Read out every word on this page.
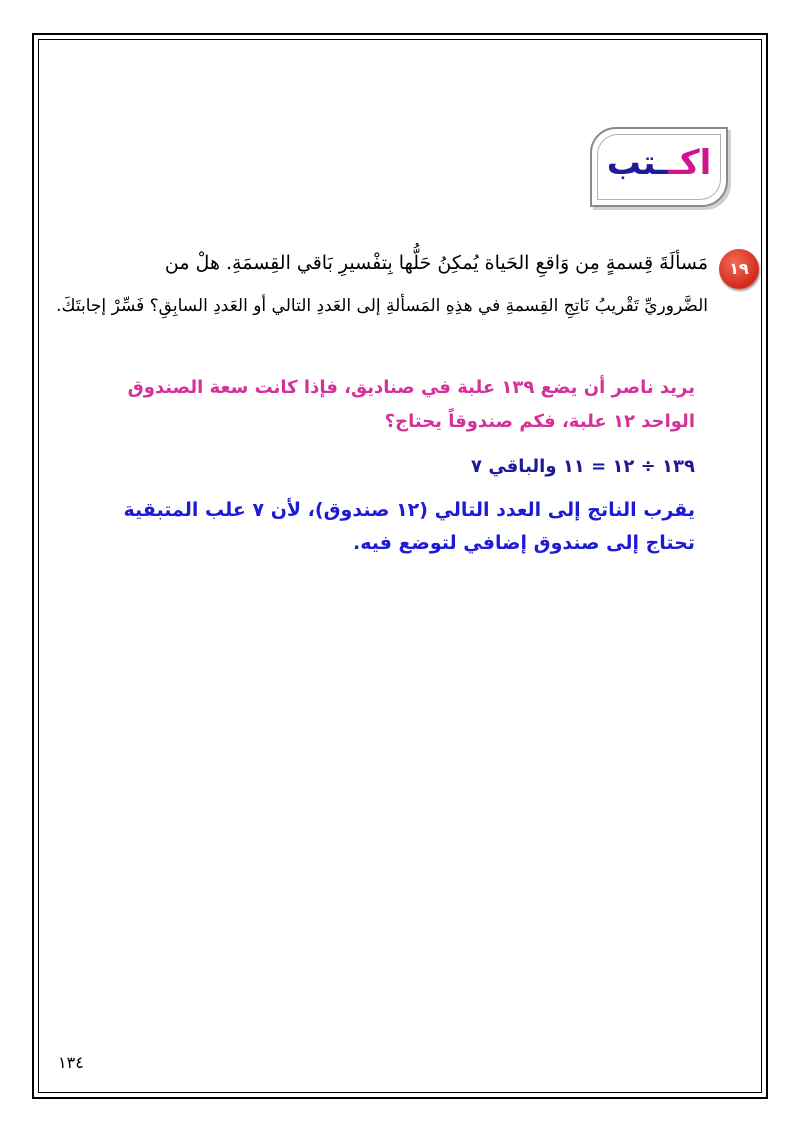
اكــتب
١٩
مَسألَةَ قِسمةٍ مِن وَاقعِ الحَياة يُمكِنُ حَلُّها بِتفْسيرِ بَاقي القِسمَةِ. هلْ من
الضَّروريِّ تَقْريبُ نَاتِجِ القِسمةِ في هذِهِ المَسألةِ إلى العَددِ التالي أو العَددِ السابِقِ؟ فَسِّرْ إجابتَكَ.
يريد ناصر أن يضع ١٣٩ علبة في صناديق، فإذا كانت سعة الصندوق الواحد ١٢ علبة، فكم صندوقاً يحتاج؟
١٣٩ ÷ ١٢ = ١١ والباقي ٧
يقرب الناتج إلى العدد التالي (١٢ صندوق)، لأن ٧ علب المتبقية تحتاج إلى صندوق إضافي لتوضع فيه.
١٣٤
